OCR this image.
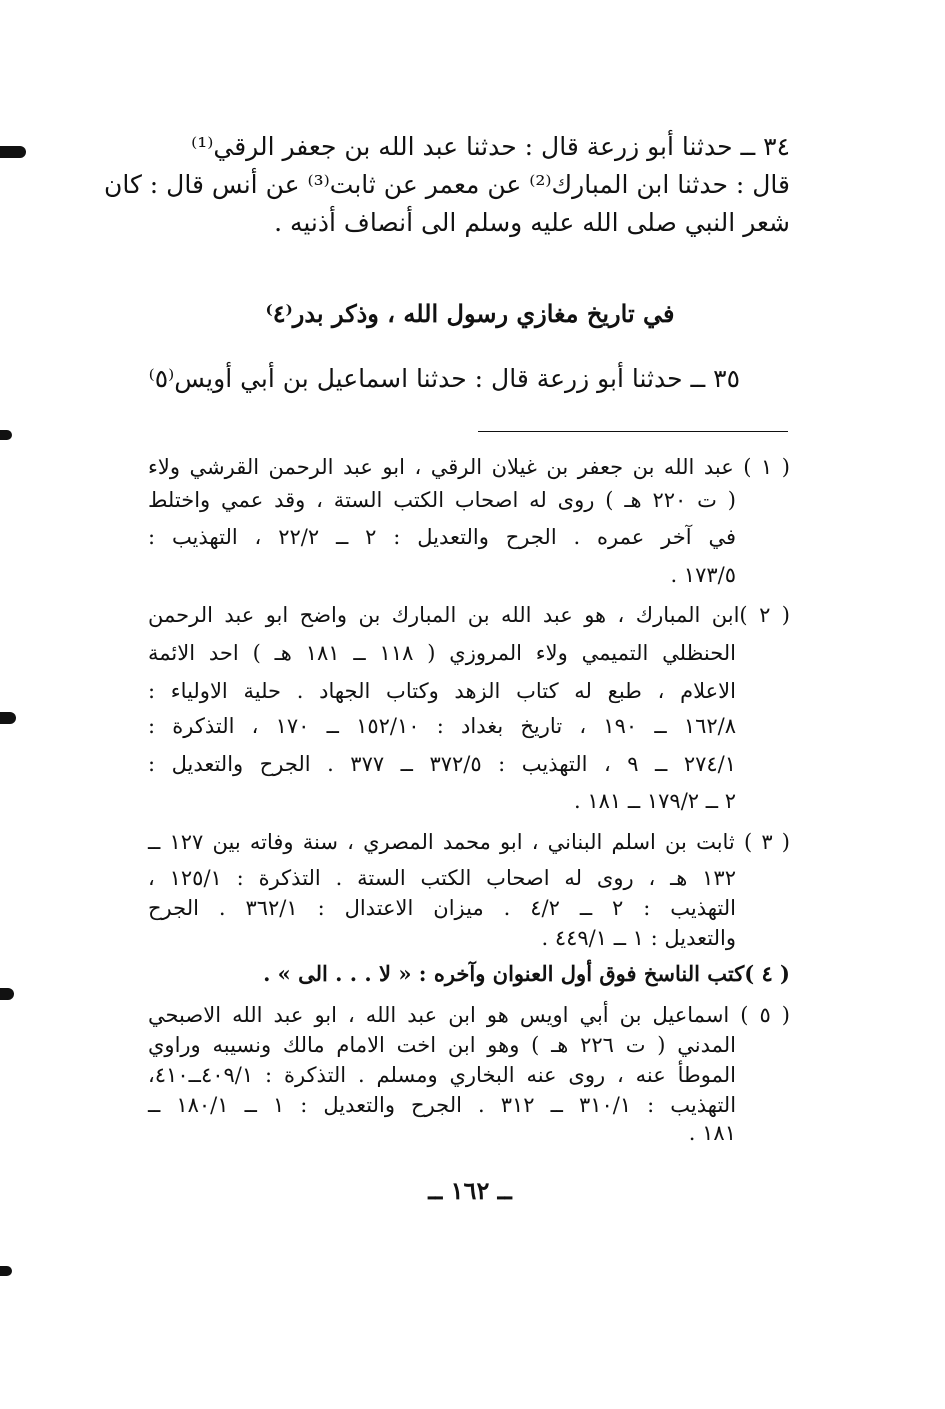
٣٤ ــ حدثنا أبو زرعة قال : حدثنا عبد الله بن جعفر الرقي⁽¹⁾
قال : حدثنا ابن المبارك⁽²⁾ عن معمر عن ثابت⁽³⁾ عن أنس قال : كان
شعر النبي صلى الله عليه وسلم الى أنصاف أذنيه .
في تاريخ مغازي رسول الله ، وذكر بدر⁽٤⁾
٣٥ ــ حدثنا أبو زرعة قال : حدثنا اسماعيل بن أبي أويس⁽٥⁾
( ١ ) عبد الله بن جعفر بن غيلان الرقي ، ابو عبد الرحمن القرشي ولاء
( ت ٢٢٠ هـ ) روى له اصحاب الكتب الستة ، وقد عمي واختلط
في آخر عمره . الجرح والتعديل : ٢ ــ ٢٢/٢ ، التهذيب :
١٧٣/٥ .
( ٢ )ابن المبارك ، هو عبد الله بن المبارك بن واضح ابو عبد الرحمن
الحنظلي التميمي ولاء المروزي ( ١١٨ ــ ١٨١ هـ ) احد الائمة
الاعلام ، طبع له كتاب الزهد وكتاب الجهاد . حلية الاولياء :
١٦٢/٨ ــ ١٩٠ ، تاريخ بغداد : ١٥٢/١٠ ــ ١٧٠ ، التذكرة :
٢٧٤/١ ــ ٩ ، التهذيب : ٣٧٢/٥ ــ ٣٧٧ . الجرح والتعديل :
٢ ــ ١٧٩/٢ ــ ١٨١ .
( ٣ ) ثابت بن اسلم البناني ، ابو محمد المصري ، سنة وفاته بين ١٢٧ ــ
١٣٢ هـ ، روى له اصحاب الكتب الستة . التذكرة : ١٢٥/١ ،
التهذيب : ٢ ــ ٤/٢ . ميزان الاعتدال : ٣٦٢/١ . الجرح
والتعديل : ١ ــ ٤٤٩/١ .
( ٤ )كتب الناسخ فوق أول العنوان وآخره : « لا . . . الى » .
( ٥ ) اسماعيل بن أبي اويس هو ابن عبد الله ، ابو عبد الله الاصبحي
المدني ( ت ٢٢٦ هـ ) وهو ابن اخت الامام مالك ونسيبه وراوي
الموطأ عنه ، روى عنه البخاري ومسلم . التذكرة : ٤٠٩/١ــ٤١٠،
التهذيب : ٣١٠/١ ــ ٣١٢ . الجرح والتعديل : ١ ــ ١٨٠/١ ــ
١٨١ .
ــ ١٦٢ ــ
